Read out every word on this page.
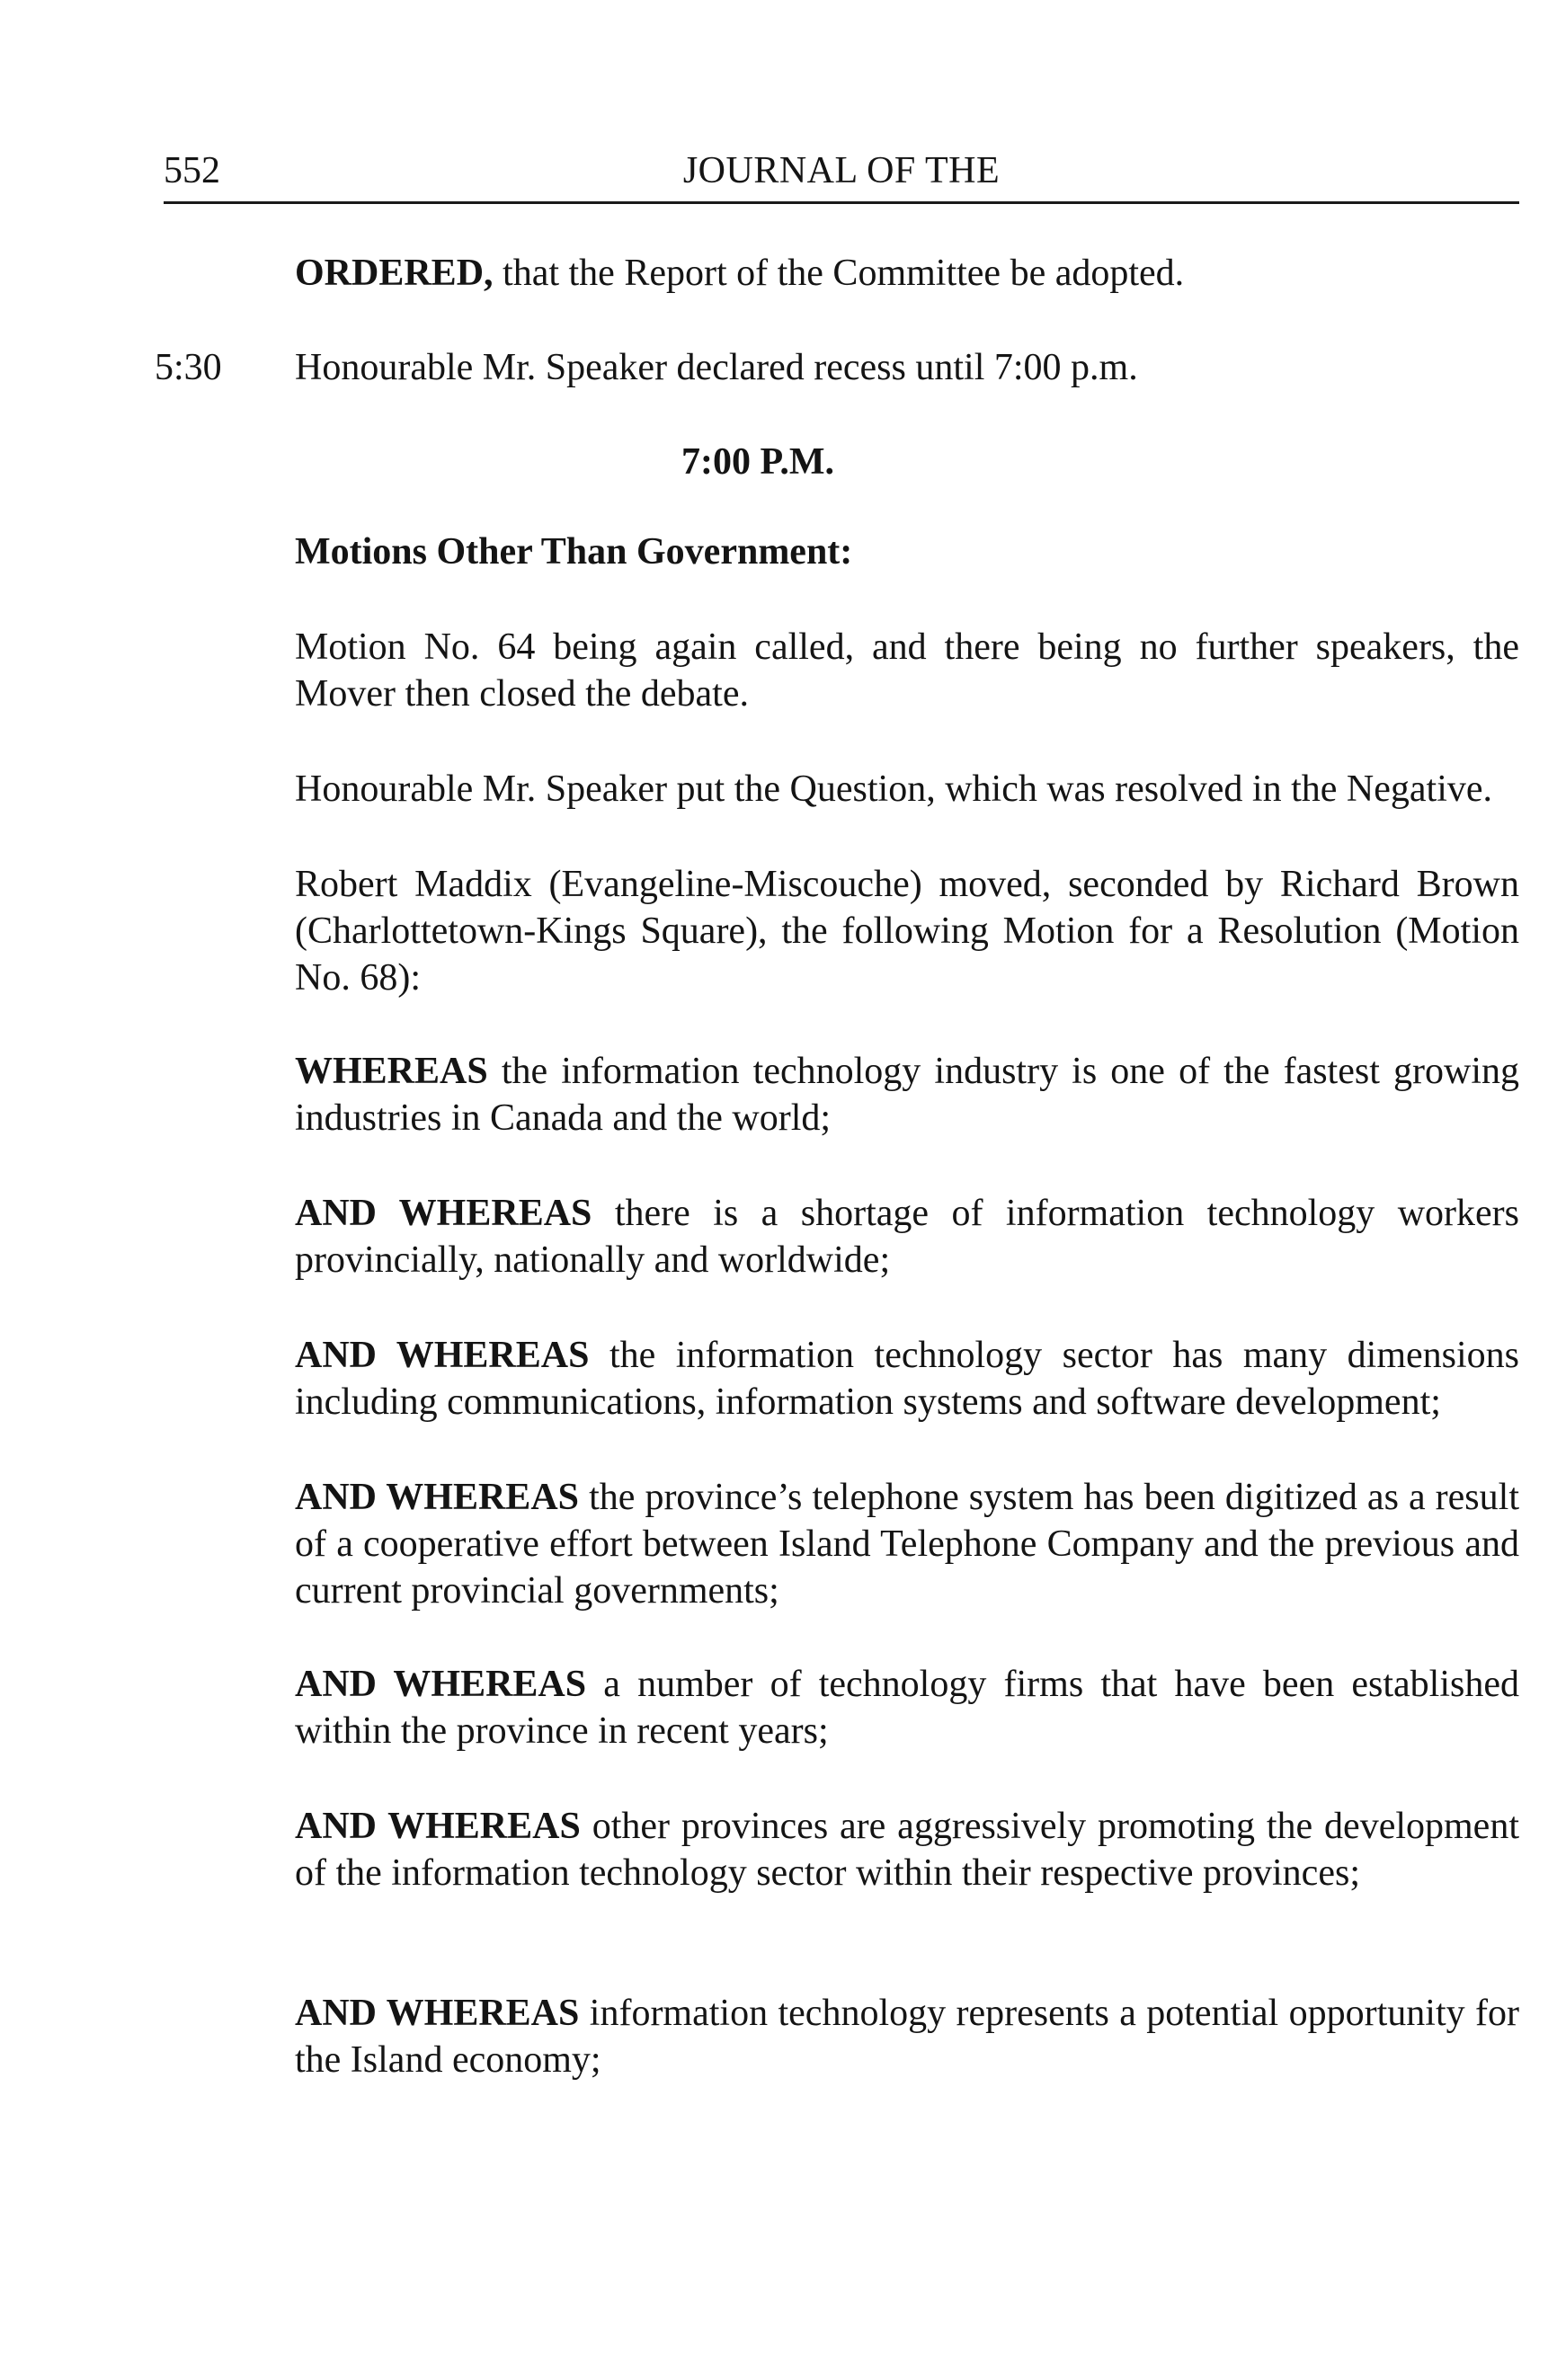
552	JOURNAL OF THE
ORDERED, that the Report of the Committee be adopted.
5:30 Honourable Mr. Speaker declared recess until 7:00 p.m.
7:00 P.M.
Motions Other Than Government:
Motion No. 64 being again called, and there being no further speakers, the Mover then closed the debate.
Honourable Mr. Speaker put the Question, which was resolved in the Negative.
Robert Maddix (Evangeline-Miscouche) moved, seconded by Richard Brown (Charlottetown-Kings Square), the following Motion for a Resolution (Motion No. 68):
WHEREAS the information technology industry is one of the fastest growing industries in Canada and the world;
AND WHEREAS there is a shortage of information technology workers provincially, nationally and worldwide;
AND WHEREAS the information technology sector has many dimensions including communications, information systems and software development;
AND WHEREAS the province’s telephone system has been digitized as a result of a cooperative effort between Island Telephone Company and the previous and current provincial governments;
AND WHEREAS a number of technology firms that have been established within the province in recent years;
AND WHEREAS other provinces are aggressively promoting the development of the information technology sector within their respective provinces;
AND WHEREAS information technology represents a potential opportunity for the Island economy;
